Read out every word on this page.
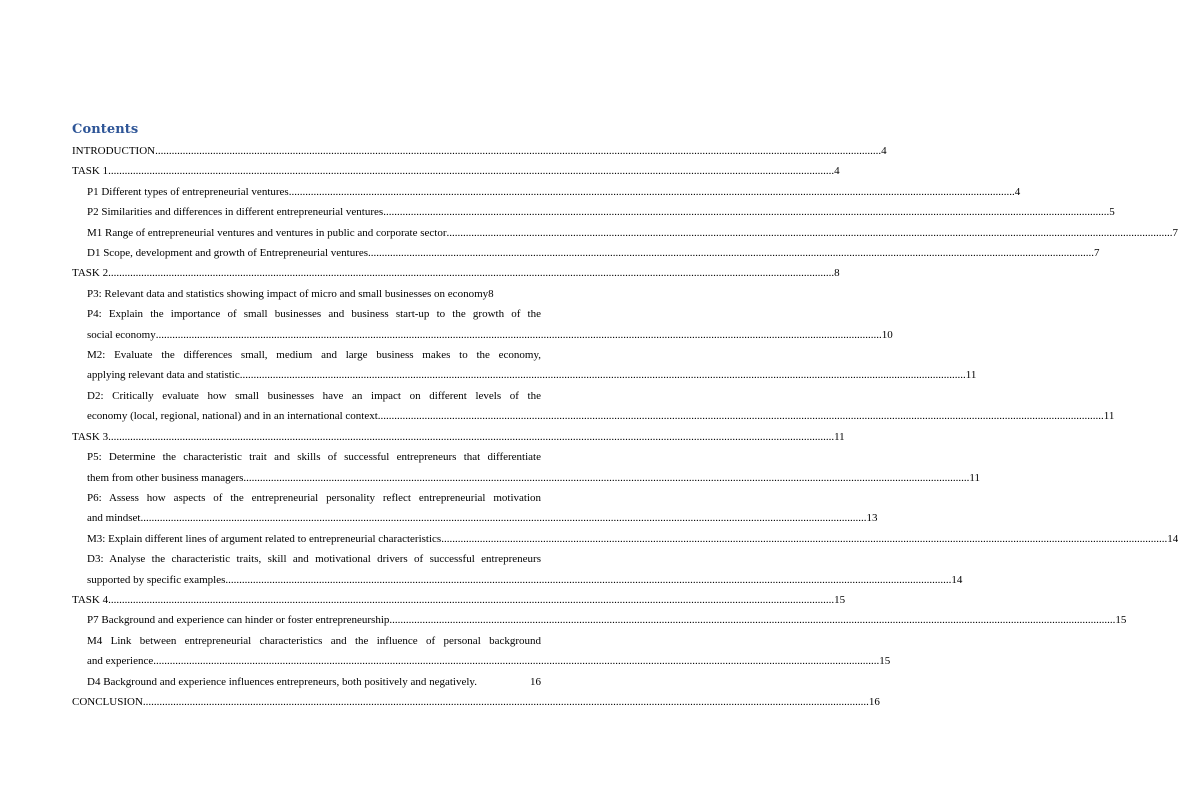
Contents
INTRODUCTION .....	4
TASK 1 .....	4
P1 Different types of entrepreneurial ventures .....	4
P2 Similarities and differences in different entrepreneurial ventures .....	5
M1 Range of entrepreneurial ventures and ventures in public and corporate sector .....	7
D1 Scope, development and growth of Entrepreneurial ventures .....	7
TASK 2 .....	8
P3: Relevant data and statistics showing impact of micro and small businesses on economy 8
P4: Explain the importance of small businesses and business start-up to the growth of the
social economy .....	10
M2: Evaluate the differences small, medium and large business makes to the economy,
applying relevant data and statistic .....	11
D2: Critically evaluate how small businesses have an impact on different levels of the
economy (local, regional, national) and in an international context .....	11
TASK 3 .....	11
P5: Determine the characteristic trait and skills of successful entrepreneurs that differentiate
them from other business managers .....	11
P6: Assess how aspects of the entrepreneurial personality reflect entrepreneurial motivation
and mindset .....	13
M3: Explain different lines of argument related to entrepreneurial characteristics .....	14
D3: Analyse the characteristic traits, skill and motivational drivers of successful entrepreneurs
supported by specific examples .....	14
TASK 4 .....	15
P7 Background and experience can hinder or foster entrepreneurship .....	15
M4 Link between entrepreneurial characteristics and the influence of personal background
and experience .....	15
D4 Background and experience influences entrepreneurs, both positively and negatively.	16
CONCLUSION .....	16
